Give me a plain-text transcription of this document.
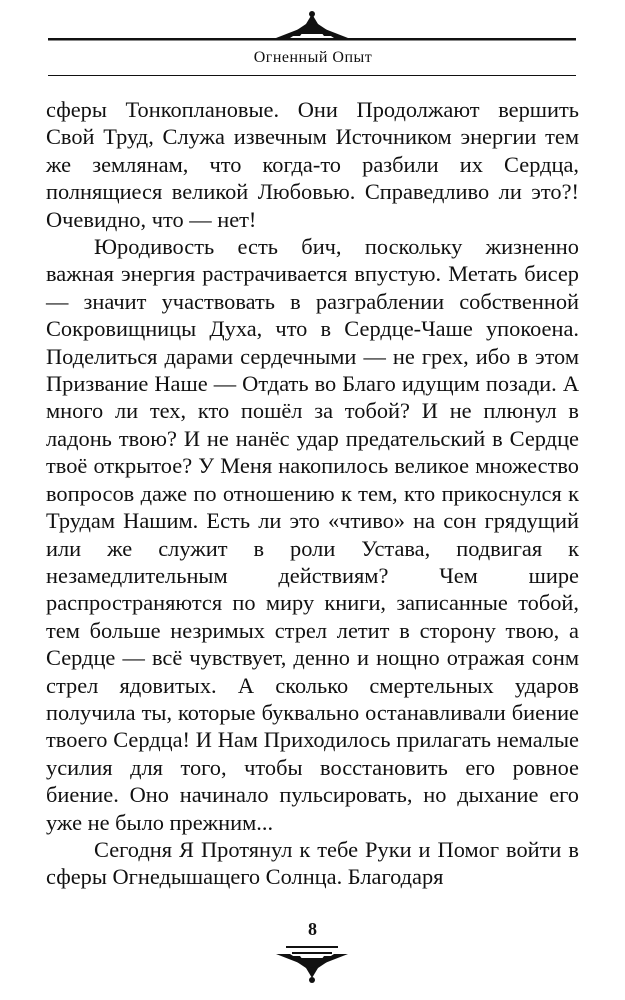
Огненный Опыт

сферы Тонкоплановые. Они Продолжают вершить Свой Труд, Служа извечным Источником энергии тем же землянам, что когда-то разбили их Сердца, полнящиеся великой Любовью. Справедливо ли это?! Очевидно, что — нет!

Юродивость есть бич, поскольку жизненно важная энергия растрачивается впустую. Метать бисер — значит участвовать в разграблении собственной Сокровищницы Духа, что в Сердце-Чаше упокоена. Поделиться дарами сердечными — не грех, ибо в этом Призвание Наше — Отдать во Благо идущим позади. А много ли тех, кто пошёл за тобой? И не плюнул в ладонь твою? И не нанёс удар предательский в Сердце твоё открытое? У Меня накопилось великое множество вопросов даже по отношению к тем, кто прикоснулся к Трудам Нашим. Есть ли это «чтиво» на сон грядущий или же служит в роли Устава, подвигая к незамедлительным действиям? Чем шире распространяются по миру книги, записанные тобой, тем больше незримых стрел летит в сторону твою, а Сердце — всё чувствует, денно и нощно отражая сонм стрел ядовитых. А сколько смертельных ударов получила ты, которые буквально останавливали биение твоего Сердца! И Нам Приходилось прилагать немалые усилия для того, чтобы восстановить его ровное биение. Оно начинало пульсировать, но дыхание его уже не было прежним...

Сегодня Я Протянул к тебе Руки и Помог войти в сферы Огнедышащего Солнца. Благодаря

8
